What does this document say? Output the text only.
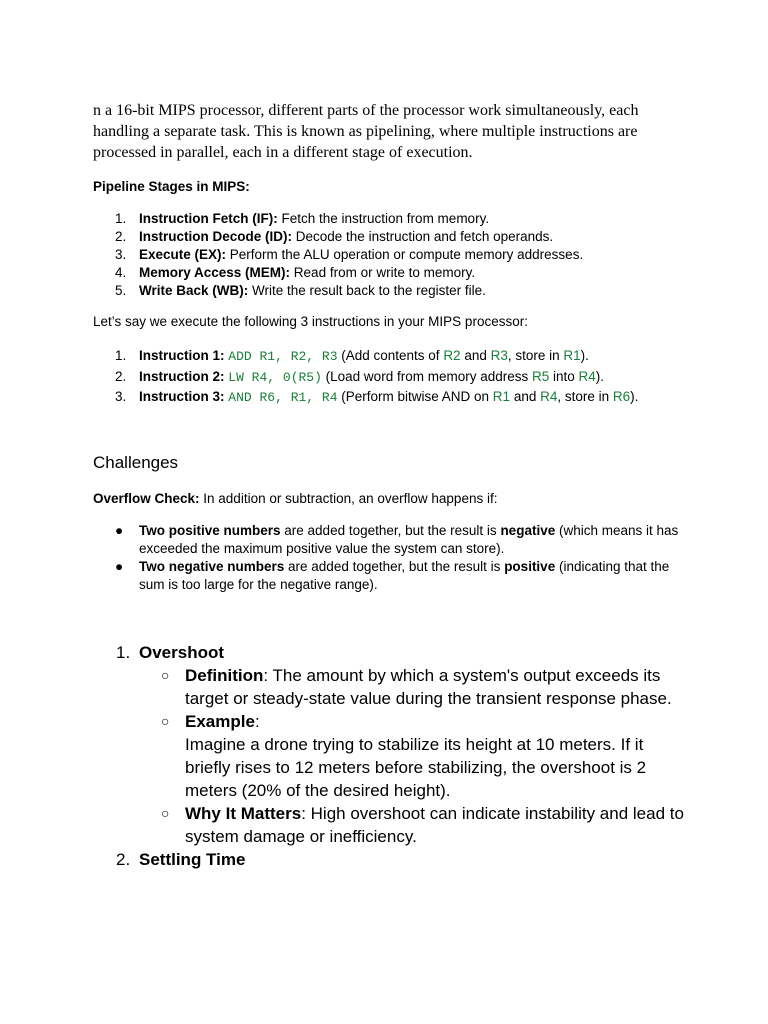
n a 16-bit MIPS processor, different parts of the processor work simultaneously, each handling a separate task. This is known as pipelining, where multiple instructions are processed in parallel, each in a different stage of execution.

Pipeline Stages in MIPS:

1. Instruction Fetch (IF): Fetch the instruction from memory.
2. Instruction Decode (ID): Decode the instruction and fetch operands.
3. Execute (EX): Perform the ALU operation or compute memory addresses.
4. Memory Access (MEM): Read from or write to memory.
5. Write Back (WB): Write the result back to the register file.

Let’s say we execute the following 3 instructions in your MIPS processor:

1. Instruction 1: ADD R1, R2, R3 (Add contents of R2 and R3, store in R1).
2. Instruction 2: LW R4, 0(R5) (Load word from memory address R5 into R4).
3. Instruction 3: AND R6, R1, R4 (Perform bitwise AND on R1 and R4, store in R6).
Challenges

Overflow Check: In addition or subtraction, an overflow happens if:

● Two positive numbers are added together, but the result is negative (which means it has exceeded the maximum positive value the system can store).
● Two negative numbers are added together, but the result is positive (indicating that the sum is too large for the negative range).
1. Overshoot
○ Definition: The amount by which a system's output exceeds its target or steady-state value during the transient response phase.
○ Example:
Imagine a drone trying to stabilize its height at 10 meters. If it briefly rises to 12 meters before stabilizing, the overshoot is 2 meters (20% of the desired height).
○ Why It Matters: High overshoot can indicate instability and lead to system damage or inefficiency.
2. Settling Time
